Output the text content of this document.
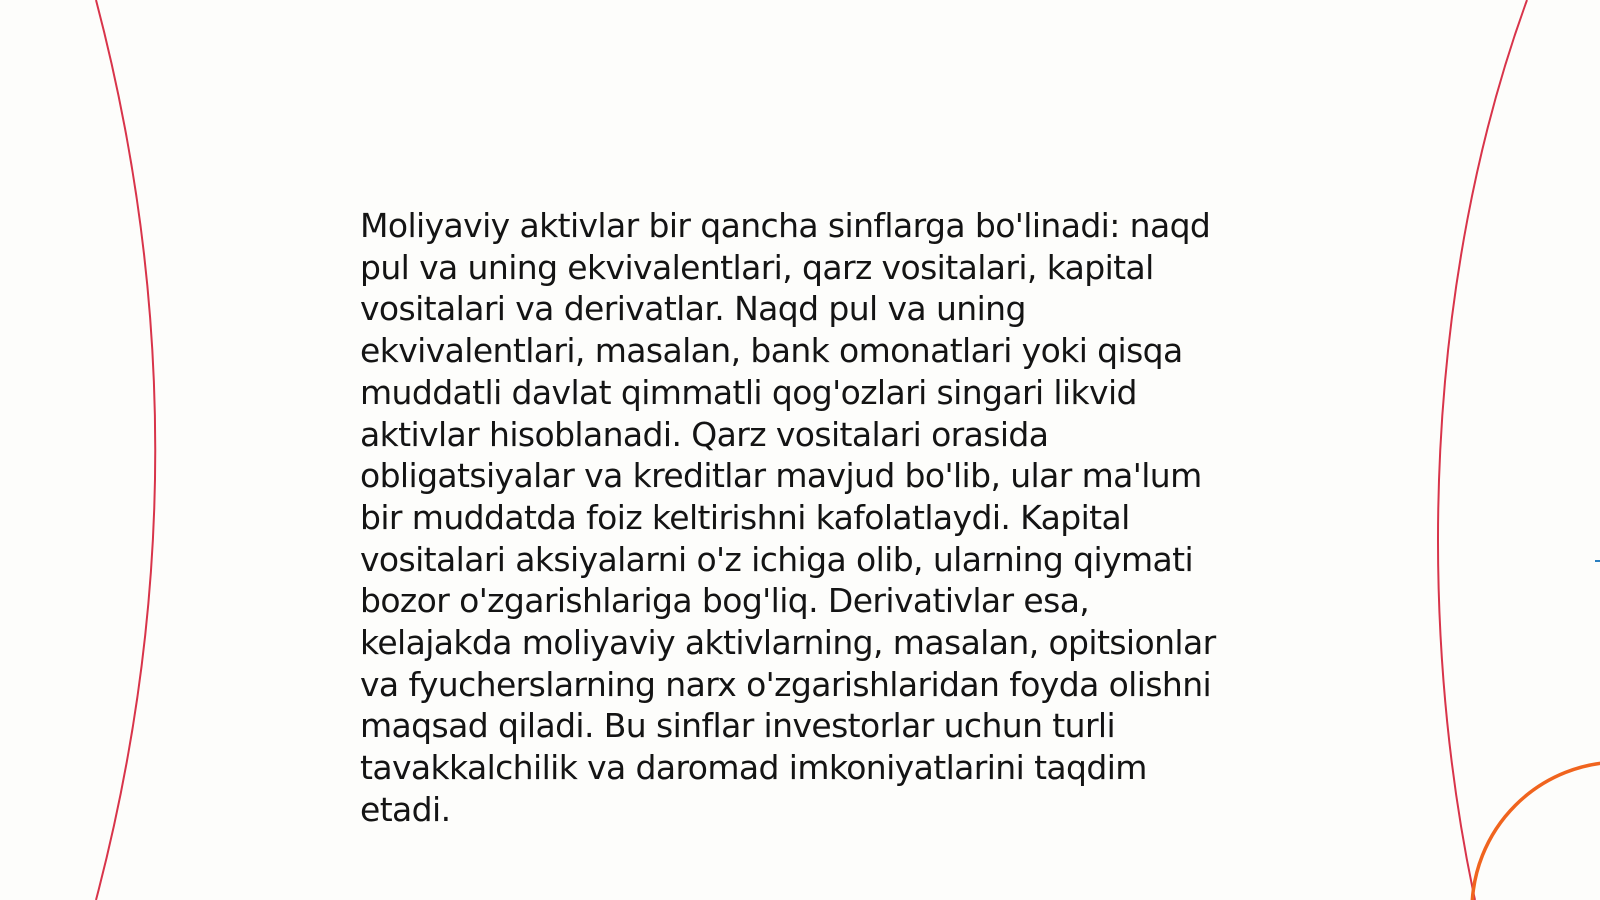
Moliyaviy aktivlar bir qancha sinflarga bo'linadi: naqd pul va uning ekvivalentlari, qarz vositalari, kapital vositalari va derivatlar. Naqd pul va uning ekvivalentlari, masalan, bank omonatlari yoki qisqa muddatli davlat qimmatli qog'ozlari singari likvid aktivlar hisoblanadi. Qarz vositalari orasida obligatsiyalar va kreditlar mavjud bo'lib, ular ma'lum bir muddatda foiz keltirishni kafolatlaydi. Kapital vositalari aksiyalarni o'z ichiga olib, ularning qiymati bozor o'zgarishlariga bog'liq. Derivativlar esa, kelajakda moliyaviy aktivlarning, masalan, opitsionlar va fyucherslarning narx o'zgarishlaridan foyda olishni maqsad qiladi. Bu sinflar investorlar uchun turli tavakkalchilik va daromad imkoniyatlarini taqdim etadi.
